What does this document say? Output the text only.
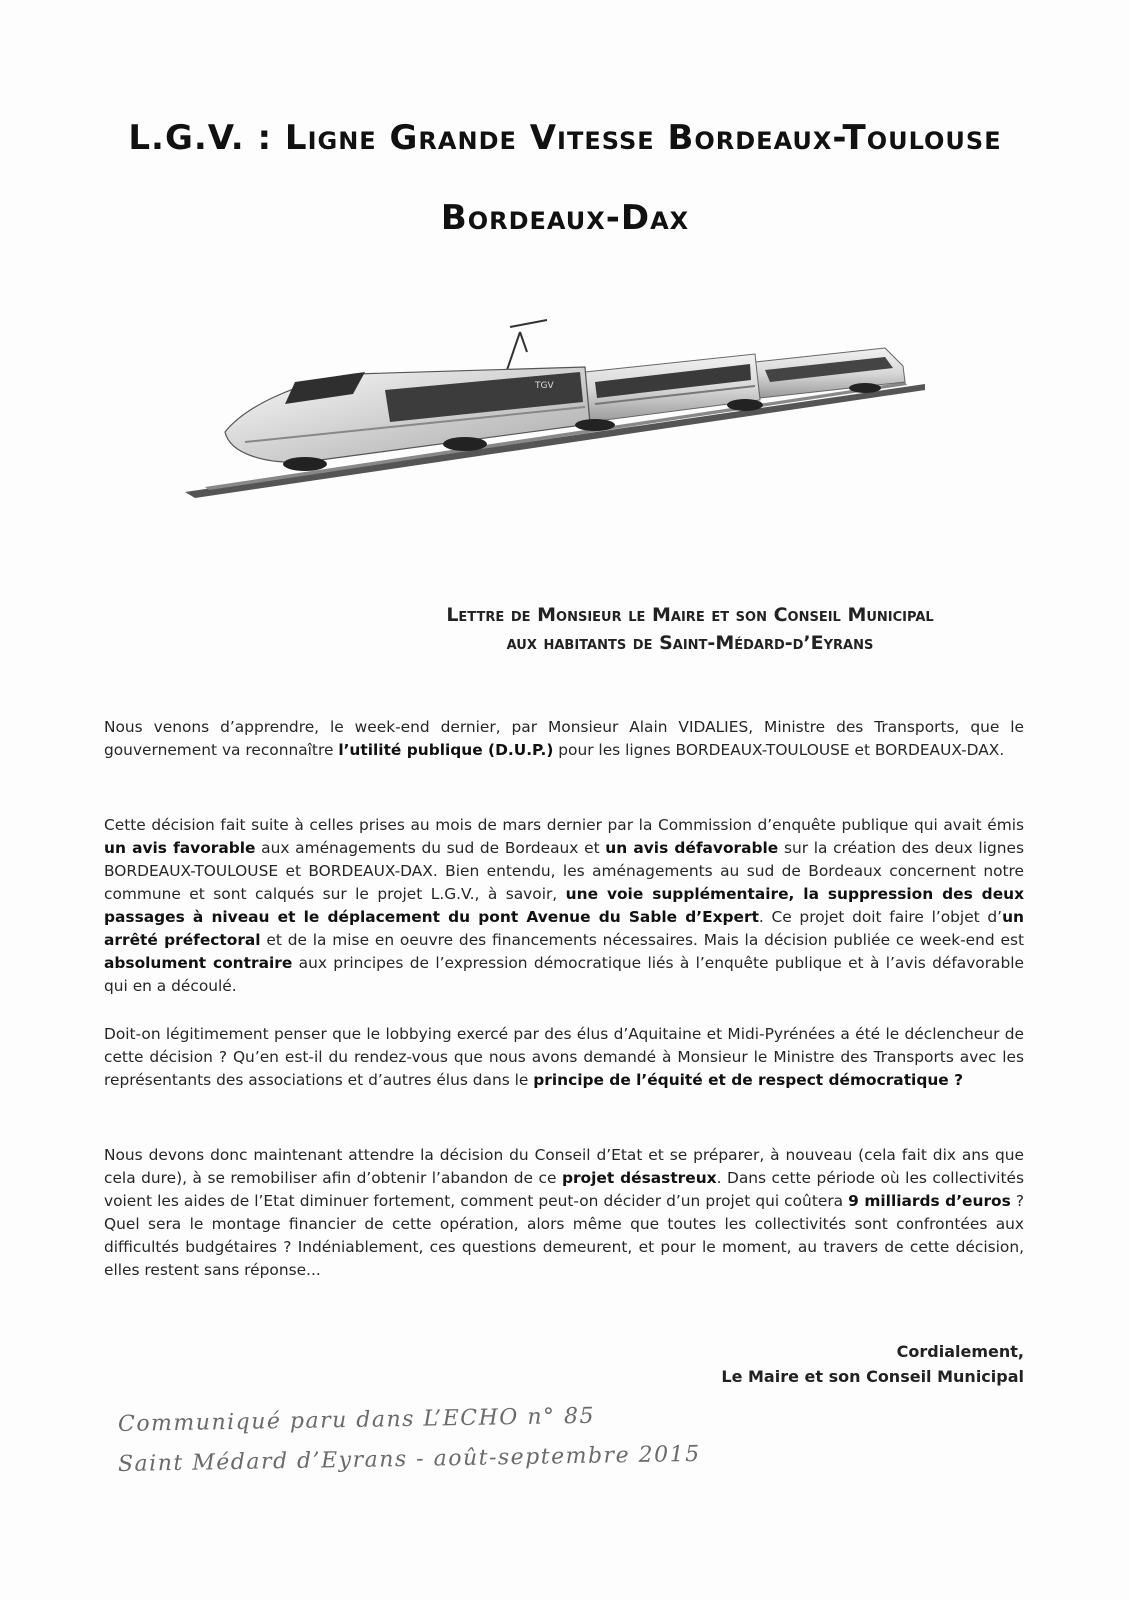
L.G.V. : Ligne Grande Vitesse Bordeaux-Toulouse
Bordeaux-Dax
TGV
Lettre de Monsieur le Maire et son Conseil Municipal
aux habitants de Saint-Médard-d’Eyrans

Nous venons d’apprendre, le week-end dernier, par Monsieur Alain VIDALIES, Ministre des Transports, que le gouvernement va reconnaître l’utilité publique (D.U.P.) pour les lignes BORDEAUX-TOULOUSE et BORDEAUX-DAX.

Cette décision fait suite à celles prises au mois de mars dernier par la Commission d’enquête publique qui avait émis un avis favorable aux aménagements du sud de Bordeaux et un avis défavorable sur la création des deux lignes BORDEAUX-TOULOUSE et BORDEAUX-DAX. Bien entendu, les aménagements au sud de Bordeaux concernent notre commune et sont calqués sur le projet L.G.V., à savoir, une voie supplémentaire, la suppression des deux passages à niveau et le déplacement du pont Avenue du Sable d’Expert. Ce projet doit faire l’objet d’un arrêté préfectoral et de la mise en oeuvre des financements nécessaires. Mais la décision publiée ce week-end est absolument contraire aux principes de l’expression démocratique liés à l’enquête publique et à l’avis défavorable qui en a découlé.

Doit-on légitimement penser que le lobbying exercé par des élus d’Aquitaine et Midi-Pyrénées a été le déclencheur de cette décision ? Qu’en est-il du rendez-vous que nous avons demandé à Monsieur le Ministre des Transports avec les représentants des associations et d’autres élus dans le principe de l’équité et de respect démocratique ?

Nous devons donc maintenant attendre la décision du Conseil d’Etat et se préparer, à nouveau (cela fait dix ans que cela dure), à se remobiliser afin d’obtenir l’abandon de ce projet désastreux. Dans cette période où les collectivités voient les aides de l’Etat diminuer fortement, comment peut-on décider d’un projet qui coûtera 9 milliards d’euros ? Quel sera le montage financier de cette opération, alors même que toutes les collectivités sont confrontées aux difficultés budgétaires ? Indéniablement, ces questions demeurent, et pour le moment, au travers de cette décision, elles restent sans réponse...

Cordialement,
Le Maire et son Conseil Municipal
Communiqué paru dans L’ECHO n° 85
Saint Médard d’Eyrans - août-septembre 2015
